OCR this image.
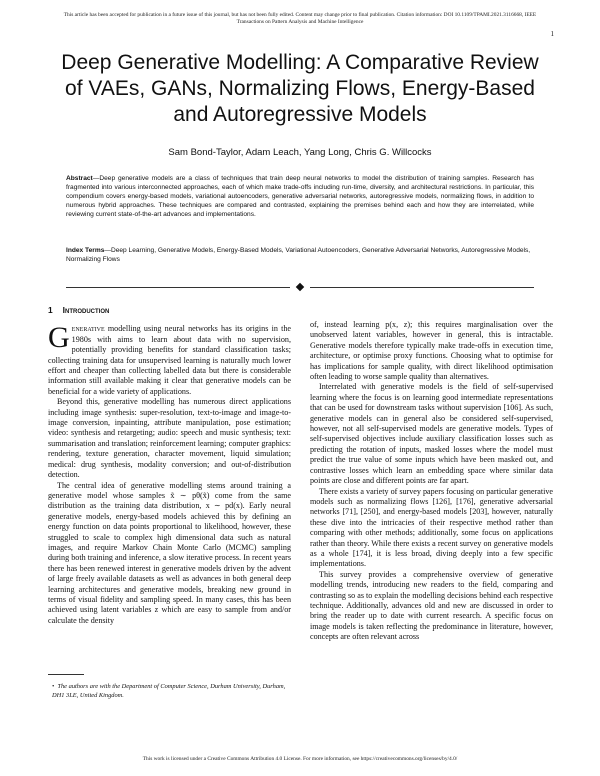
This article has been accepted for publication in a future issue of this journal, but has not been fully edited. Content may change prior to final publication. Citation information: DOI 10.1109/TPAMI.2021.3116668, IEEE
Transactions on Pattern Analysis and Machine Intelligence
1
Deep Generative Modelling: A Comparative Review of VAEs, GANs, Normalizing Flows, Energy-Based and Autoregressive Models
Sam Bond-Taylor, Adam Leach, Yang Long, Chris G. Willcocks
Abstract—Deep generative models are a class of techniques that train deep neural networks to model the distribution of training samples. Research has fragmented into various interconnected approaches, each of which make trade-offs including run-time, diversity, and architectural restrictions. In particular, this compendium covers energy-based models, variational autoencoders, generative adversarial networks, autoregressive models, normalizing flows, in addition to numerous hybrid approaches. These techniques are compared and contrasted, explaining the premises behind each and how they are interrelated, while reviewing current state-of-the-art advances and implementations.
Index Terms—Deep Learning, Generative Models, Energy-Based Models, Variational Autoencoders, Generative Adversarial Networks, Autoregressive Models, Normalizing Flows
1 Introduction

Generative modelling using neural networks has its origins in the 1980s with aims to learn about data with no supervision, potentially providing benefits for standard classification tasks; collecting training data for unsupervised learning is naturally much lower effort and cheaper than collecting labelled data but there is considerable information still available making it clear that generative models can be beneficial for a wide variety of applications.

Beyond this, generative modelling has numerous direct applications including image synthesis: super-resolution, text-to-image and image-to-image conversion, inpainting, attribute manipulation, pose estimation; video: synthesis and retargeting; audio: speech and music synthesis; text: summarisation and translation; reinforcement learning; computer graphics: rendering, texture generation, character movement, liquid simulation; medical: drug synthesis, modality conversion; and out-of-distribution detection.

The central idea of generative modelling stems around training a generative model whose samples x̃ ∼ pθ(x̃) come from the same distribution as the training data distribution, x ∼ pd(x). Early neural generative models, energy-based models achieved this by defining an energy function on data points proportional to likelihood, however, these struggled to scale to complex high dimensional data such as natural images, and require Markov Chain Monte Carlo (MCMC) sampling during both training and inference, a slow iterative process. In recent years there has been renewed interest in generative models driven by the advent of large freely available datasets as well as advances in both general deep learning architectures and generative models, breaking new ground in terms of visual fidelity and sampling speed. In many cases, this has been achieved using latent variables z which are easy to sample from and/or calculate the density

of, instead learning p(x, z); this requires marginalisation over the unobserved latent variables, however in general, this is intractable. Generative models therefore typically make trade-offs in execution time, architecture, or optimise proxy functions. Choosing what to optimise for has implications for sample quality, with direct likelihood optimisation often leading to worse sample quality than alternatives.

Interrelated with generative models is the field of self-supervised learning where the focus is on learning good intermediate representations that can be used for downstream tasks without supervision [106]. As such, generative models can in general also be considered self-supervised, however, not all self-supervised models are generative models. Types of self-supervised objectives include auxiliary classification losses such as predicting the rotation of inputs, masked losses where the model must predict the true value of some inputs which have been masked out, and contrastive losses which learn an embedding space where similar data points are close and different points are far apart.

There exists a variety of survey papers focusing on particular generative models such as normalizing flows [126], [176], generative adversarial networks [71], [250], and energy-based models [203], however, naturally these dive into the intricacies of their respective method rather than comparing with other methods; additionally, some focus on applications rather than theory. While there exists a recent survey on generative models as a whole [174], it is less broad, diving deeply into a few specific implementations.

This survey provides a comprehensive overview of generative modelling trends, introducing new readers to the field, comparing and contrasting so as to explain the modelling decisions behind each respective technique. Additionally, advances old and new are discussed in order to bring the reader up to date with current research. A specific focus on image models is taken reflecting the predominance in literature, however, concepts are often relevant across

•  The authors are with the Department of Computer Science, Durham University, Durham, DH1 3LE, United Kingdom.
This work is licensed under a Creative Commons Attribution 4.0 License. For more information, see https://creativecommons.org/licenses/by/4.0/
